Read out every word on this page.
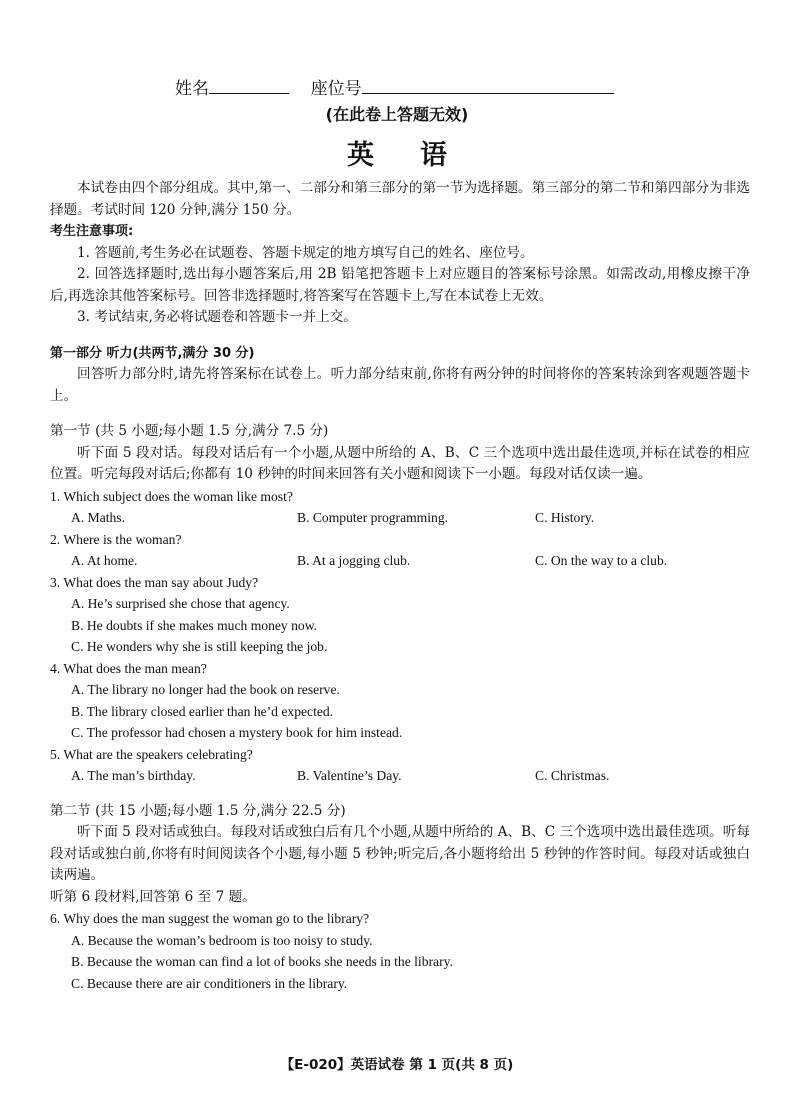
姓名	座位号
(在此卷上答题无效)
英语

本试卷由四个部分组成。其中,第一、二部分和第三部分的第一节为选择题。第三部分的第二节和第四部分为非选择题。考试时间 120 分钟,满分 150 分。

考生注意事项:

1. 答题前,考生务必在试题卷、答题卡规定的地方填写自己的姓名、座位号。

2. 回答选择题时,选出每小题答案后,用 2B 铅笔把答题卡上对应题目的答案标号涂黑。如需改动,用橡皮擦干净后,再选涂其他答案标号。回答非选择题时,将答案写在答题卡上,写在本试卷上无效。

3. 考试结束,务必将试题卷和答题卡一并上交。

第一部分 听力(共两节,满分 30 分)

回答听力部分时,请先将答案标在试卷上。听力部分结束前,你将有两分钟的时间将你的答案转涂到客观题答题卡上。

第一节 (共 5 小题;每小题 1.5 分,满分 7.5 分)

听下面 5 段对话。每段对话后有一个小题,从题中所给的 A、B、C 三个选项中选出最佳选项,并标在试卷的相应位置。听完每段对话后;你都有 10 秒钟的时间来回答有关小题和阅读下一小题。每段对话仅读一遍。

1. Which subject does the woman like most?

A. Maths.	B. Computer programming.	C. History.

2. Where is the woman?

A. At home.	B. At a jogging club.	C. On the way to a club.

3. What does the man say about Judy?

A. He’s surprised she chose that agency.

B. He doubts if she makes much money now.

C. He wonders why she is still keeping the job.

4. What does the man mean?

A. The library no longer had the book on reserve.

B. The library closed earlier than he’d expected.

C. The professor had chosen a mystery book for him instead.

5. What are the speakers celebrating?

A. The man’s birthday.	B. Valentine’s Day.	C. Christmas.

第二节 (共 15 小题;每小题 1.5 分,满分 22.5 分)

听下面 5 段对话或独白。每段对话或独白后有几个小题,从题中所给的 A、B、C 三个选项中选出最佳选项。听每段对话或独白前,你将有时间阅读各个小题,每小题 5 秒钟;听完后,各小题将给出 5 秒钟的作答时间。每段对话或独白读两遍。

听第 6 段材料,回答第 6 至 7 题。

6. Why does the man suggest the woman go to the library?

A. Because the woman’s bedroom is too noisy to study.

B. Because the woman can find a lot of books she needs in the library.

C. Because there are air conditioners in the library.

【E-020】英语试卷 第 1 页(共 8 页)
